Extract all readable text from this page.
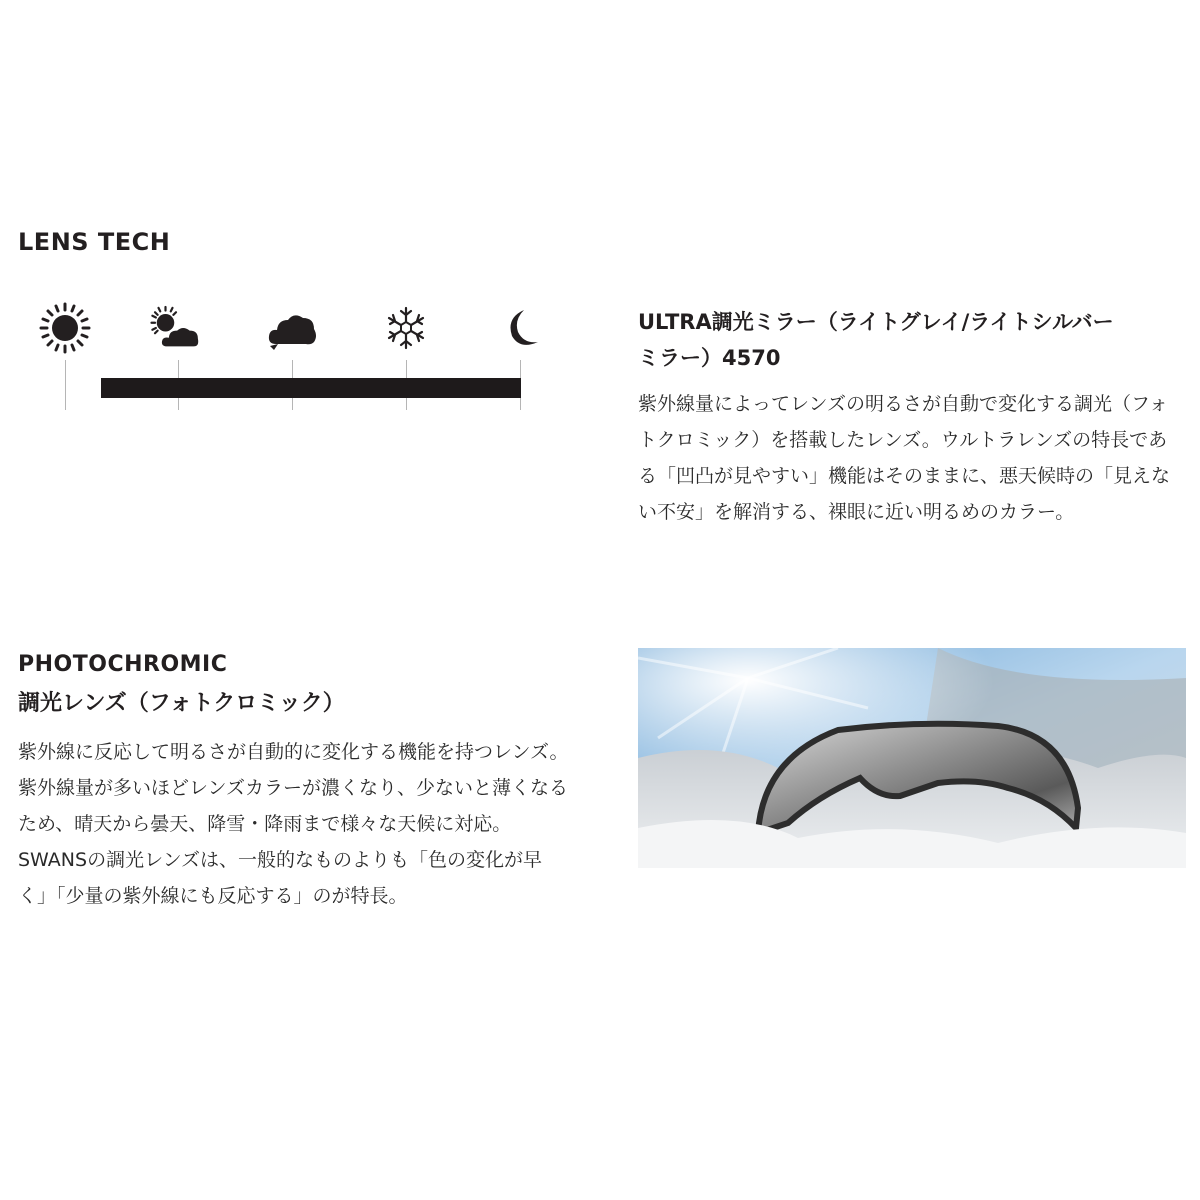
LENS TECH
ULTRA調光ミラー（ライトグレイ/ライトシルバー
ミラー）4570
紫外線量によってレンズの明るさが自動で変化する調光（フォトクロミック）を搭載したレンズ。ウルトラレンズの特長である「凹凸が見やすい」機能はそのままに、悪天候時の「見えない不安」を解消する、裸眼に近い明るめのカラー。
PHOTOCHROMIC
調光レンズ（フォトクロミック）
紫外線に反応して明るさが自動的に変化する機能を持つレンズ。紫外線量が多いほどレンズカラーが濃くなり、少ないと薄くなるため、晴天から曇天、降雪・降雨まで様々な天候に対応。SWANSの調光レンズは、一般的なものよりも「色の変化が早く」「少量の紫外線にも反応する」のが特長。
